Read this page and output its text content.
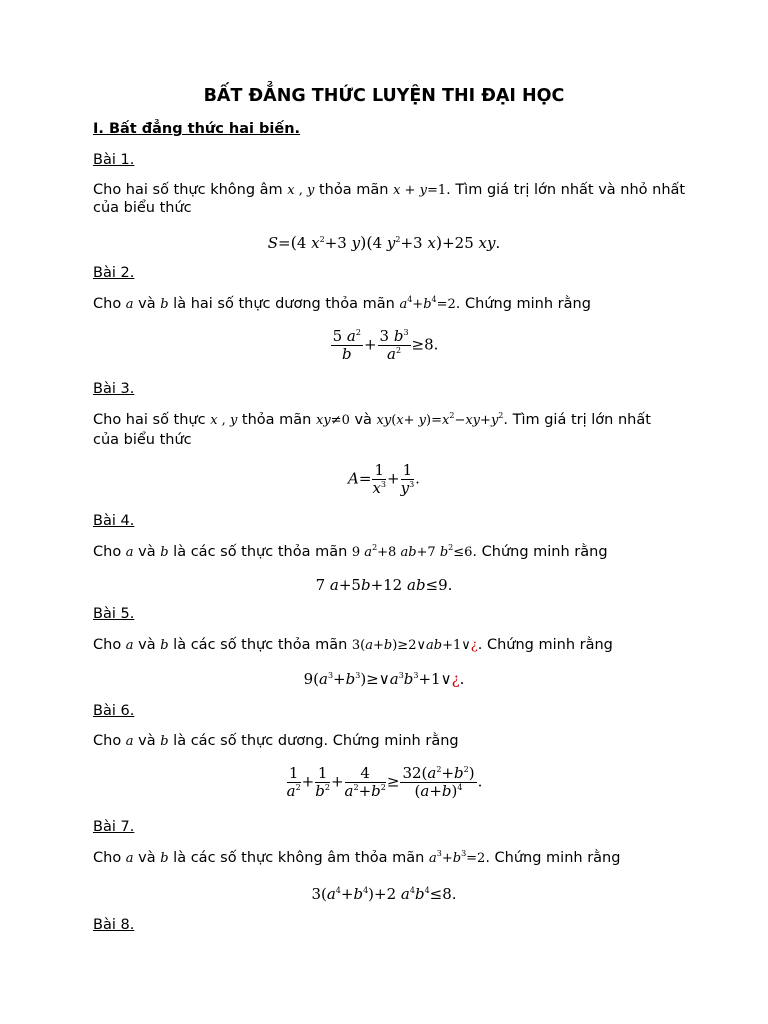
BẤT ĐẲNG THỨC LUYỆN THI ĐẠI HỌC
I. Bất đẳng thức hai biến.
Bài 1.
Cho hai số thực không âm x , y thỏa mãn x + y=1. Tìm giá trị lớn nhất và nhỏ nhất
của biểu thức
S=(4 $x^2+3$ y)(4 $y^2+3$ x)+25 xy.
Bài 2.
Cho a và b là hai số thực dương thỏa mãn $a^4+b^4=2$. Chứng minh rằng
$\frac{5 a^2}{b} + \frac{3 b^3}{a^2} \ge 8$.
Bài 3.
Cho hai số thực x , y thỏa mãn xy≠0 và $xy(x+ y)=x^2-xy+y^2$. Tìm giá trị lớn nhất
của biểu thức
$A= \frac{1}{x^3} + \frac{1}{y^3}$ .
Bài 4.
Cho a và b là các số thực thỏa mãn 9 $a^2+8$ ab+7 $b^2\le 6$. Chứng minh rằng
7 a+5b+12 ab≤9.
Bài 5.
Cho a và b là các số thực thỏa mãn 3(a+b)≥2∨ab+1∨¿. Chứng minh rằng
$9(a^3+b^3)\ge\vee a^3b^3+1\vee¿$.
Bài 6.
Cho a và b là các số thực dương. Chứng minh rằng
$\frac{1}{a^2} + \frac{1}{b^2} + \frac{4}{a^2+b^2} \ge \frac{32(a^2+b^2)}{(a+b)^4}$ .
Bài 7.
Cho a và b là các số thực không âm thỏa mãn $a^3+b^3=2$. Chứng minh rằng
$3(a^4+b^4)+2$ $a^4b^4\le 8$.
Bài 8.
